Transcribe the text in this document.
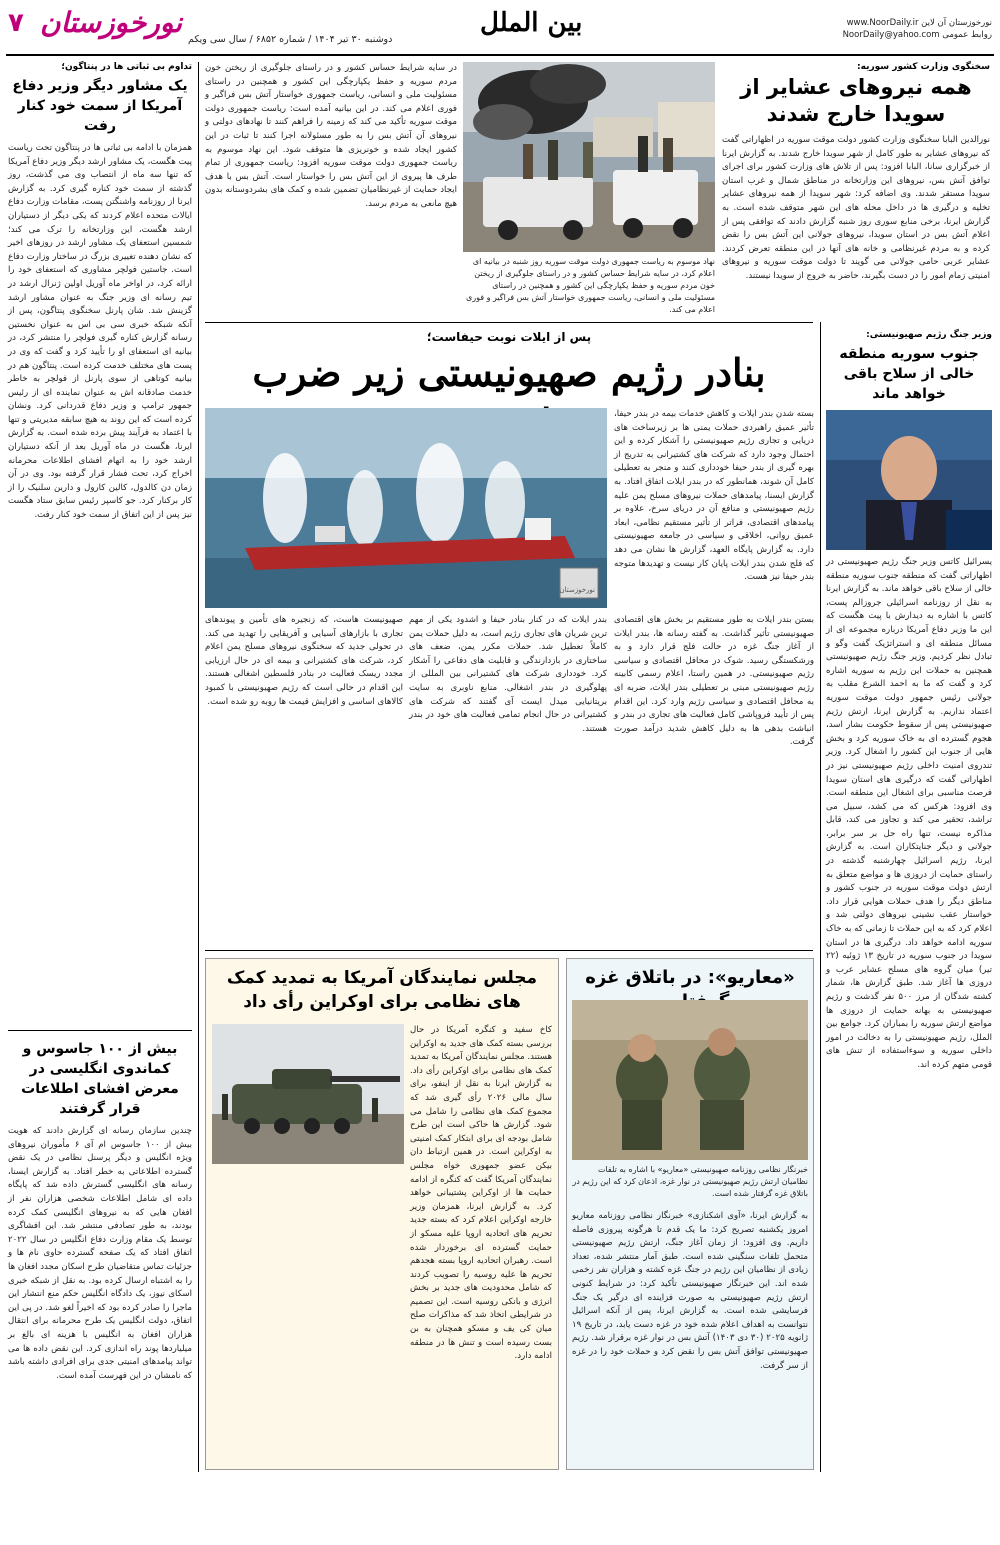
۷ نورخوزستان
دوشنبه ۳۰ تیر ۱۴۰۴ / شماره ۶۸۵۲ / سال سی ویکم
بین الملل	www.NoorDaily.ir نورخوزستان آن لاین
NoorDaily@yahoo.com روابط عمومی
سخنگوی وزارت کشور سوریه:
همه نیروهای عشایر از سویدا خارج شدند
نورالدین البابا سخنگوی وزارت کشور دولت موقت سوریه در اظهاراتی گفت که نیروهای عشایر به طور کامل از شهر سویدا خارج شدند. به گزارش ایرنا از خبرگزاری سانا، البابا افزود: پس از تلاش های وزارت کشور برای اجرای توافق آتش بس، نیروهای این وزارتخانه در مناطق شمال و غرب استان سویدا مستقر شدند. وی اضافه کرد: شهر سویدا از همه نیروهای عشایر تخلیه و درگیری ها در داخل محله های این شهر متوقف شده است. به گزارش ایرنا، برخی منابع سوری روز شنبه گزارش دادند که توافقی پس از اعلام آتش بس در استان سویدا، نیروهای جولانی این آتش بس را نقض کرده و به مردم غیرنظامی و خانه های آنها در این منطقه تعرض کردند. عشایر عربی حامی جولانی می گویند تا دولت موقت سوریه و نیروهای امنیتی زمام امور را در دست بگیرند، حاضر به خروج از سویدا نیستند.
نهاد موسوم به ریاست جمهوری دولت موقت سوریه روز شنبه در بیانیه ای اعلام کرد، در سایه شرایط حساس کشور و در راستای جلوگیری از ریختن خون مردم سوریه و حفظ یکپارچگی این کشور و همچنین در راستای مسئولیت ملی و انسانی، ریاست جمهوری خواستار آتش بس فراگیر و فوری اعلام می کند.
در سایه شرایط حساس کشور و در راستای جلوگیری از ریختن خون مردم سوریه و حفظ یکپارچگی این کشور و همچنین در راستای مسئولیت ملی و انسانی، ریاست جمهوری خواستار آتش بس فراگیر و فوری اعلام می کند. در این بیانیه آمده است: ریاست جمهوری دولت موقت سوریه تأکید می کند که زمینه را فراهم کنند تا نهادهای دولتی و نیروهای آن آتش بس را به طور مسئولانه اجرا کنند تا ثبات در این کشور ایجاد شده و خونریزی ها متوقف شود. این نهاد موسوم به ریاست جمهوری دولت موقت سوریه افزود: ریاست جمهوری از تمام طرف ها پیروی از این آتش بس را خواستار است. آتش بس با هدف ایجاد حمایت از غیرنظامیان تضمین شده و کمک های بشردوستانه بدون هیچ مانعی به مردم برسد.
پس از ایلات نوبت حیفاست؛
بنادر رژیم صهیونیستی زیر ضرب
بسته شدن بندر ایلات و کاهش خدمات بیمه در بندر حیفا، تأثیر عمیق راهبردی حملات یمنی ها بر زیرساخت های دریایی و تجاری رژیم صهیونیستی را آشکار کرده و این احتمال وجود دارد که شرکت های کشتیرانی به تدریج از بهره گیری از بندر حیفا خودداری کنند و منجر به تعطیلی کامل آن شوند، همانطور که در بندر ایلات اتفاق افتاد. به گزارش ایسنا، پیامدهای حملات نیروهای مسلح یمن علیه رژیم صهیونیستی و منافع آن در دریای سرخ، علاوه بر پیامدهای اقتصادی، فراتر از تأثیر مستقیم نظامی، ابعاد عمیق روانی، اخلاقی و سیاسی در جامعه صهیونیستی دارد. به گزارش پایگاه العهد، گزارش ها نشان می دهد که فلج شدن بندر ایلات پایان کار نیست و تهدیدها متوجه بندر حیفا نیز هست.
نورخوزستان
بستن بندر ایلات به طور مستقیم بر بخش های اقتصادی صهیونیستی تأثیر گذاشت. به گفته رسانه ها، بندر ایلات از آغاز جنگ غزه در حالت فلج قرار دارد و به ورشکستگی رسید. شوک در محافل اقتصادی و سیاسی رژیم صهیونیستی. در همین راستا، اعلام رسمی کابینه رژیم صهیونیستی مبنی بر تعطیلی بندر ایلات، ضربه ای به محافل اقتصادی و سیاسی رژیم وارد کرد. این اقدام پس از تأیید فروپاشی کامل فعالیت های تجاری در بندر و انباشت بدهی ها به دلیل کاهش شدید درآمد صورت گرفت.
بندر ایلات که در کنار بنادر حیفا و اشدود یکی از مهم ترین شریان های تجاری رژیم است، به دلیل حملات یمن کاملاً تعطیل شد. حملات مکرر یمن، ضعف های ساختاری در بازدارندگی و قابلیت های دفاعی را آشکار کرد. خودداری شرکت های کشتیرانی بین المللی از پهلوگیری در بندر اشغالی. منابع ناوبری به سایت بریتانیایی میدل ایست آی گفتند که شرکت های کشتیرانی در حال انجام تمامی فعالیت های خود در بندر هستند.
صهیونیست هاست، که زنجیره های تأمین و پیوندهای تجاری با بازارهای آسیایی و آفریقایی را تهدید می کند. در تحولی جدید که سخنگوی نیروهای مسلح یمن اعلام کرد، شرکت های کشتیرانی و بیمه ای در حال ارزیابی مجدد ریسک فعالیت در بنادر فلسطین اشغالی هستند. این اقدام در حالی است که رژیم صهیونیستی با کمبود کالاهای اساسی و افزایش قیمت ها روبه رو شده است.
وزیر جنگ رژیم صهیونیستی:
جنوب سوریه منطقه خالی از سلاح باقی خواهد ماند
یسرائیل کاتس وزیر جنگ رژیم صهیونیستی در اظهاراتی گفت که منطقه جنوب سوریه منطقه خالی از سلاح باقی خواهد ماند. به گزارش ایرنا به نقل از روزنامه اسرائیلی جروزالم پست، کاتس با اشاره به دیدارش با پیت هگست که این ما وزیر دفاع آمریکا درباره مجموعه ای از مسائل منطقه ای و استراتژیک گفت وگو و تبادل نظر کردیم. وزیر جنگ رژیم صهیونیستی همچنین به حملات این رژیم به سوریه اشاره کرد و گفت که ما به احمد الشرع مقلب به جولانی رئیس جمهور دولت موقت سوریه اعتماد نداریم. به گزارش ایرنا، ارتش رژیم صهیونیستی پس از سقوط حکومت بشار اسد، هجوم گسترده ای به خاک سوریه کرد و بخش هایی از جنوب این کشور را اشغال کرد. وزیر تندروی امنیت داخلی رژیم صهیونیستی نیز در اظهاراتی گفت که درگیری های استان سویدا فرصت مناسبی برای اشغال این منطقه است. وی افزود: هرکس که می کشد، سبیل می تراشد، تحقیر می کند و تجاوز می کند، قابل مذاکره نیست، تنها راه حل بر سر برابر، جولانی و دیگر جنایتکاران است. به گزارش ایرنا، رژیم اسرائیل چهارشنبه گذشته در راستای حمایت از دروزی ها و مواضع متعلق به ارتش دولت موقت سوریه در جنوب کشور و مناطق دیگر را هدف حملات هوایی قرار داد. خواستار عقب نشینی نیروهای دولتی شد و اعلام کرد که به این حملات تا زمانی که به خاک سوریه ادامه خواهد داد. درگیری ها در استان سویدا در جنوب سوریه در تاریخ ۱۳ ژوئیه (۲۲ تیر) میان گروه های مسلح عشایر عرب و دروزی ها آغاز شد. طبق گزارش ها، شمار کشته شدگان از مرز ۵۰۰ نفر گذشت و رژیم صهیونیستی به بهانه حمایت از دروزی ها مواضع ارتش سوریه را بمباران کرد. جوامع بین الملل، رژیم صهیونیستی را به دخالت در امور داخلی سوریه و سوءاستفاده از تنش های قومی متهم کرده اند.
تداوم بی ثباتی ها در پنتاگون؛
یک مشاور دیگر وزیر دفاع آمریکا از سمت خود کنار رفت
همزمان با ادامه بی ثباتی ها در پنتاگون تحت ریاست پیت هگست، یک مشاور ارشد دیگر وزیر دفاع آمریکا که تنها سه ماه از انتصاب وی می گذشت، روز گذشته از سمت خود کناره گیری کرد. به گزارش ایرنا از روزنامه واشنگتن پست، مقامات وزارت دفاع ایالات متحده اعلام کردند که یکی دیگر از دستیاران ارشد هگست، این وزارتخانه را ترک می کند؛ شمسین استعفای یک مشاور ارشد در روزهای اخیر که نشان دهنده تغییری بزرگ در ساختار وزارت دفاع است. جاستین فولچر مشاوری که استعفای خود را ارائه کرد، در اواخر ماه آوریل اولین ژنرال ارشد در تیم رسانه ای وزیر جنگ به عنوان مشاور ارشد گزینش شد. شان پارنل سخنگوی پنتاگون، پس از آنکه شبکه خبری سی بی اس به عنوان نخستین رسانه گزارش کناره گیری فولچر را منتشر کرد، در بیانیه ای استعفای او را تأیید کرد و گفت که وی در پست های مختلف خدمت کرده است. پنتاگون هم در بیانیه کوتاهی از سوی پارنل از فولچر به خاطر خدمت صادقانه اش به عنوان نماینده ای از رئیس جمهور ترامپ و وزیر دفاع قدردانی کرد. ونشان کرده است که این روند به هیچ سابقه مدیریتی و تنها با اعتماد به فرآیند پیش برده شده است. به گزارش ایرنا، هگست در ماه آوریل بعد از آنکه دستیاران ارشد خود را به اتهام افشای اطلاعات محرمانه اخراج کرد، تحت فشار قرار گرفته بود. وی در آن زمان دن کالدول، کالین کارول و دارین سلنیک را از کار برکنار کرد. جو کاسپر رئیس سابق ستاد هگست نیز پس از این اتفاق از سمت خود کنار رفت.
بیش از ۱۰۰ جاسوس و کماندوی انگلیسی در معرض افشای اطلاعات قرار گرفتند
چندین سازمان رسانه ای گزارش دادند که هویت بیش از ۱۰۰ جاسوس ام آی ۶ مأموران نیروهای ویژه انگلیس و دیگر پرسنل نظامی در یک نقض گسترده اطلاعاتی به خطر افتاد. به گزارش ایسنا، رسانه های انگلیسی گسترش داده شد که پایگاه داده ای شامل اطلاعات شخصی هزاران نفر از افغان هایی که به نیروهای انگلیسی کمک کرده بودند، به طور تصادفی منتشر شد. این افشاگری توسط یک مقام وزارت دفاع انگلیس در سال ۲۰۲۲ اتفاق افتاد که یک صفحه گسترده حاوی نام ها و جزئیات تماس متقاضیان طرح اسکان مجدد افغان ها را به اشتباه ارسال کرده بود. به نقل از شبکه خبری اسکای نیوز، یک دادگاه انگلیس حکم منع انتشار این ماجرا را صادر کرده بود که اخیراً لغو شد. در پی این اتفاق، دولت انگلیس یک طرح محرمانه برای انتقال هزاران افغان به انگلیس با هزینه ای بالغ بر میلیاردها پوند راه اندازی کرد. این نقض داده ها می تواند پیامدهای امنیتی جدی برای افرادی داشته باشد که نامشان در این فهرست آمده است.
«معاریو»: در باتلاق غزه
خبرنگار نظامی روزنامه صهیونیستی «معاریو» با اشاره به تلفات نظامیان ارتش رژیم صهیونیستی در نوار غزه، اذعان کرد که این رژیم در باتلاق غزه گرفتار شده است.
به گزارش ایرنا، «آوی اشکنازی» خبرنگار نظامی روزنامه معاریو امروز یکشنبه تصریح کرد: ما یک قدم تا هرگونه پیروزی فاصله داریم. وی افزود: از زمان آغاز جنگ، ارتش رژیم صهیونیستی متحمل تلفات سنگینی شده است. طبق آمار منتشر شده، تعداد زیادی از نظامیان این رژیم در جنگ غزه کشته و هزاران نفر زخمی شده اند. این خبرنگار صهیونیستی تأکید کرد: در شرایط کنونی ارتش رژیم صهیونیستی به صورت فزاینده ای درگیر یک جنگ فرسایشی شده است. به گزارش ایرنا، پس از آنکه اسرائیل نتوانست به اهداف اعلام شده خود در غزه دست یابد، در تاریخ ۱۹ ژانویه ۲۰۲۵ (۳۰ دی ۱۴۰۳) آتش بس در نوار غزه برقرار شد. رژیم صهیونیستی توافق آتش بس را نقض کرد و حملات خود را در غزه از سر گرفت.
مجلس نمایندگان آمریکا به تمدید کمک های نظامی برای اوکراین رأی داد
کاخ سفید و کنگره آمریکا در حال بررسی بسته کمک های جدید به اوکراین هستند. مجلس نمایندگان آمریکا به تمدید کمک های نظامی برای اوکراین رأی داد. به گزارش ایرنا به نقل از اینفو، برای سال مالی ۲۰۲۶ رأی گیری شد که مجموع کمک های نظامی را شامل می شود. گزارش ها حاکی است این طرح شامل بودجه ای برای ابتکار کمک امنیتی به اوکراین است. در همین ارتباط دان بیکن عضو جمهوری خواه مجلس نمایندگان آمریکا گفت که کنگره از ادامه حمایت ها از اوکراین پشتیبانی خواهد کرد. به گزارش ایرنا، همزمان وزیر خارجه اوکراین اعلام کرد که بسته جدید تحریم های اتحادیه اروپا علیه مسکو از حمایت گسترده ای برخوردار شده است. رهبران اتحادیه اروپا بسته هجدهم تحریم ها علیه روسیه را تصویب کردند که شامل محدودیت های جدید بر بخش انرژی و بانکی روسیه است. این تصمیم در شرایطی اتخاذ شد که مذاکرات صلح میان کی یف و مسکو همچنان به بن بست رسیده است و تنش ها در منطقه ادامه دارد.
